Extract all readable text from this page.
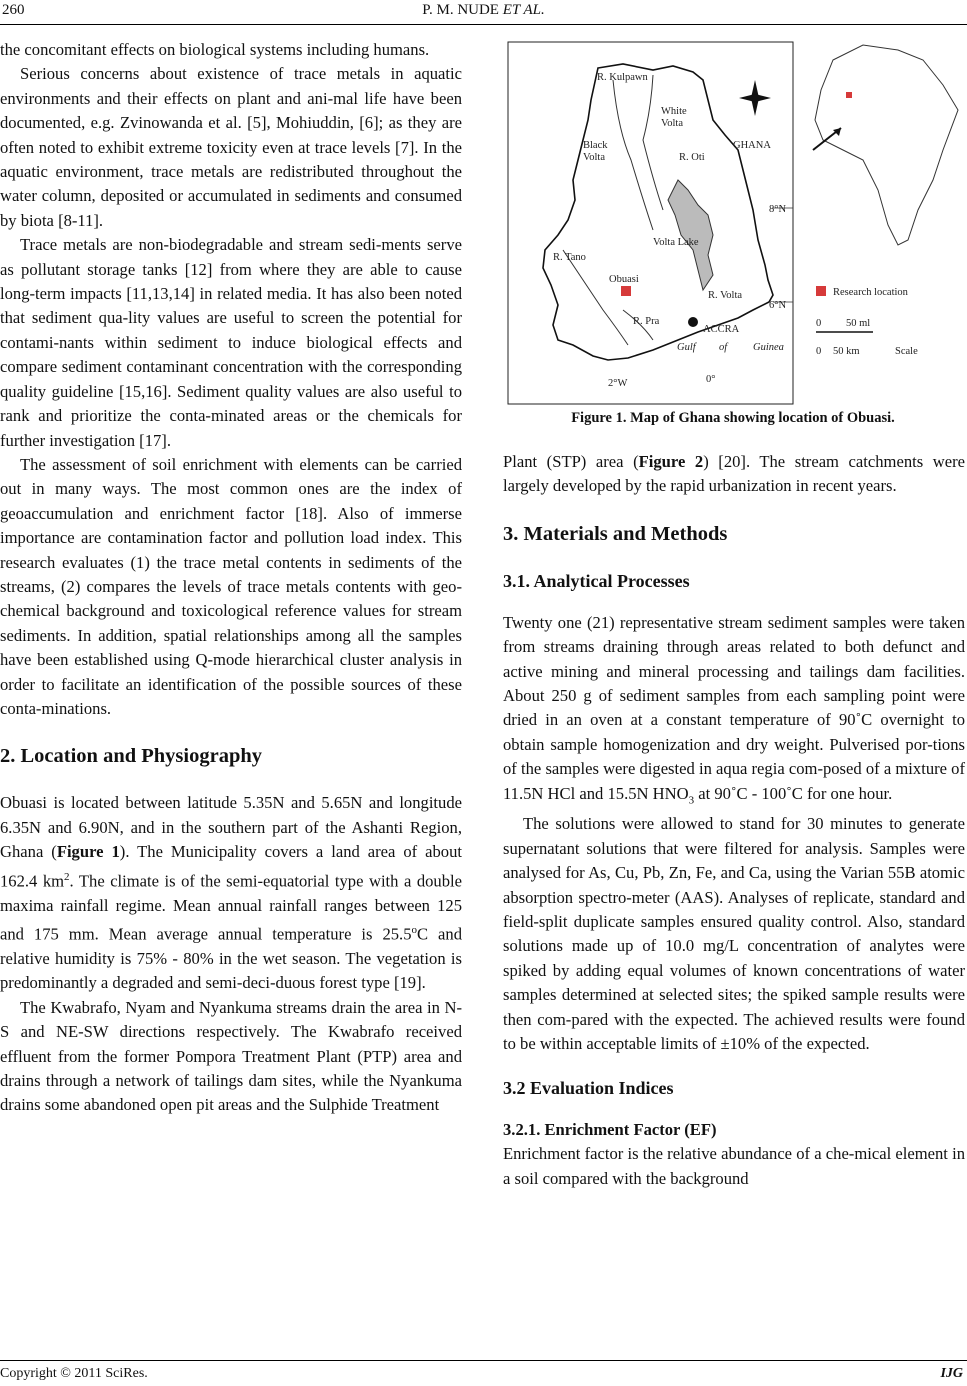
260	P. M. NUDE ET AL.

the concomitant effects on biological systems including humans.

Serious concerns about existence of trace metals in aquatic environments and their effects on plant and ani-mal life have been documented, e.g. Zvinowanda et al. [5], Mohiuddin, [6]; as they are often noted to exhibit extreme toxicity even at trace levels [7]. In the aquatic environment, trace metals are redistributed throughout the water column, deposited or accumulated in sediments and consumed by biota [8-11].

Trace metals are non-biodegradable and stream sedi-ments serve as pollutant storage tanks [12] from where they are able to cause long-term impacts [11,13,14] in related media. It has also been noted that sediment qua-lity values are useful to screen the potential for contami-nants within sediment to induce biological effects and compare sediment contaminant concentration with the corresponding quality guideline [15,16]. Sediment quality values are also useful to rank and prioritize the conta-minated areas or the chemicals for further investigation [17].

The assessment of soil enrichment with elements can be carried out in many ways. The most common ones are the index of geoaccumulation and enrichment factor [18]. Also of immerse importance are contamination factor and pollution load index. This research evaluates (1) the trace metal contents in sediments of the streams, (2) compares the levels of trace metals contents with geo-chemical background and toxicological reference values for stream sediments. In addition, spatial relationships among all the samples have been established using Q-mode hierarchical cluster analysis in order to facilitate an identification of the possible sources of these conta-minations.

2. Location and Physiography

Obuasi is located between latitude 5.35N and 5.65N and longitude 6.35N and 6.90N, and in the southern part of the Ashanti Region, Ghana (Figure 1). The Municipality covers a land area of about 162.4 $km^2$. The climate is of the semi-equatorial type with a double maxima rainfall regime. Mean annual rainfall ranges between 125 and 175 mm. Mean average annual temperature is 25.5$^o$C and relative humidity is 75% - 80% in the wet season. The vegetation is predominantly a degraded and semi-deci-duous forest type [19].

The Kwabrafo, Nyam and Nyankuma streams drain the area in N-S and NE-SW directions respectively. The Kwabrafo received effluent from the former Pompora Treatment Plant (PTP) area and drains through a network of tailings dam sites, while the Nyankuma drains some abandoned open pit areas and the Sulphide Treatment

R. Kulpawn
White
Volta
Black
Volta	R. Oti
GHANA
8°N
R. Tano
Volta Lake
Obuasi
R. Volta
6°N
R. Pra
ACCRA
Gulf of Guinea
2°W	0°
Research location
0 50 ml
0 50 km	Scale
Figure 1. Map of Ghana showing location of Obuasi.

Plant (STP) area (Figure 2) [20]. The stream catchments were largely developed by the rapid urbanization in recent years.

3. Materials and Methods
3.1. Analytical Processes

Twenty one (21) representative stream sediment samples were taken from streams draining through areas related to both defunct and active mining and mineral processing and tailings dam facilities. About 250 g of sediment samples from each sampling point were dried in an oven at a constant temperature of 90˚C overnight to obtain sample homogenization and dry weight. Pulverised por-tions of the samples were digested in aqua regia com-posed of a mixture of 11.5N HCl and 15.5N $HNO_3$ at 90˚C - 100˚C for one hour.

The solutions were allowed to stand for 30 minutes to generate supernatant solutions that were filtered for analysis. Samples were analysed for As, Cu, Pb, Zn, Fe, and Ca, using the Varian 55B atomic absorption spectro-meter (AAS). Analyses of replicate, standard and field-split duplicate samples ensured quality control. Also, standard solutions made up of 10.0 mg/L concentration of analytes were spiked by adding equal volumes of known concentrations of water samples determined at selected sites; the spiked sample results were then com-pared with the expected. The achieved results were found to be within acceptable limits of ±10% of the expected.

3.2 Evaluation Indices
3.2.1. Enrichment Factor (EF)

Enrichment factor is the relative abundance of a che-mical element in a soil compared with the background

Copyright © 2011 SciRes.	IJG
